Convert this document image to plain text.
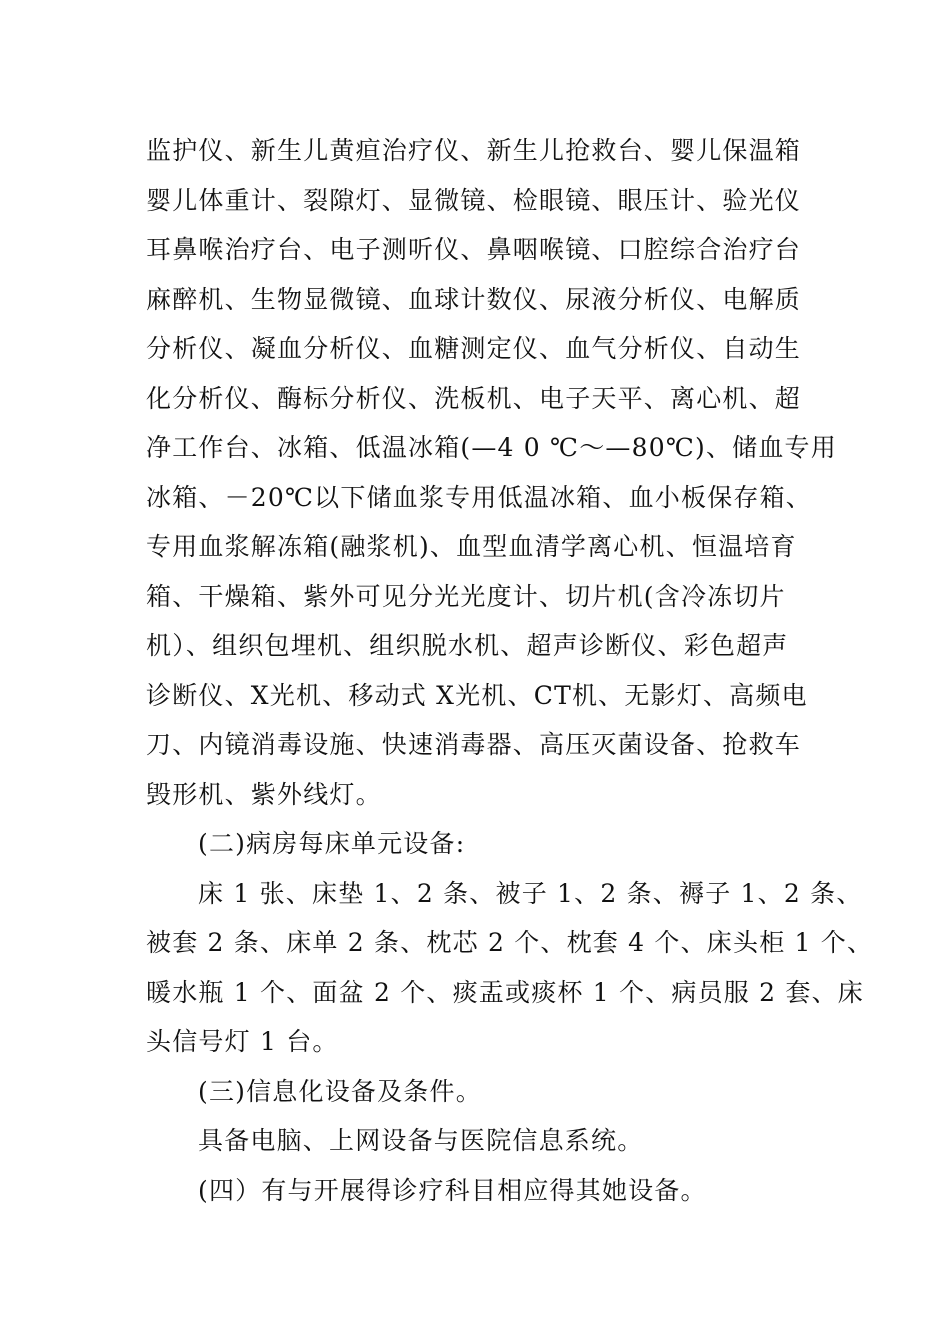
监护仪、新生儿黄疸治疗仪、新生儿抢救台、婴儿保温箱
婴儿体重计、裂隙灯、显微镜、检眼镜、眼压计、验光仪
耳鼻喉治疗台、电子测听仪、鼻咽喉镜、口腔综合治疗台
麻醉机、生物显微镜、血球计数仪、尿液分析仪、电解质
分析仪、凝血分析仪、血糖测定仪、血气分析仪、自动生
化分析仪、酶标分析仪、洗板机、电子天平、离心机、超
净工作台、冰箱、低温冰箱(—4 0 ℃～—80℃)、储血专用
冰箱、－20℃以下储血浆专用低温冰箱、血小板保存箱、
专用血浆解冻箱(融浆机)、血型血清学离心机、恒温培育
箱、干燥箱、紫外可见分光光度计、切片机(含冷冻切片
机）、组织包埋机、组织脱水机、超声诊断仪、彩色超声
诊断仪、X光机、移动式 X光机、CT机、无影灯、高频电
刀、内镜消毒设施、快速消毒器、高压灭菌设备、抢救车
毁形机、紫外线灯。
(二)病房每床单元设备:
床 1 张、床垫 1、2 条、被子 1、2 条、褥子 1、2 条、
被套 2 条、床单 2 条、枕芯 2 个、枕套 4 个、床头柜 1 个、
暖水瓶 1 个、面盆 2 个、痰盂或痰杯 1 个、病员服 2 套、床
头信号灯 1 台。
(三)信息化设备及条件。
具备电脑、上网设备与医院信息系统。
(四）有与开展得诊疗科目相应得其她设备。
